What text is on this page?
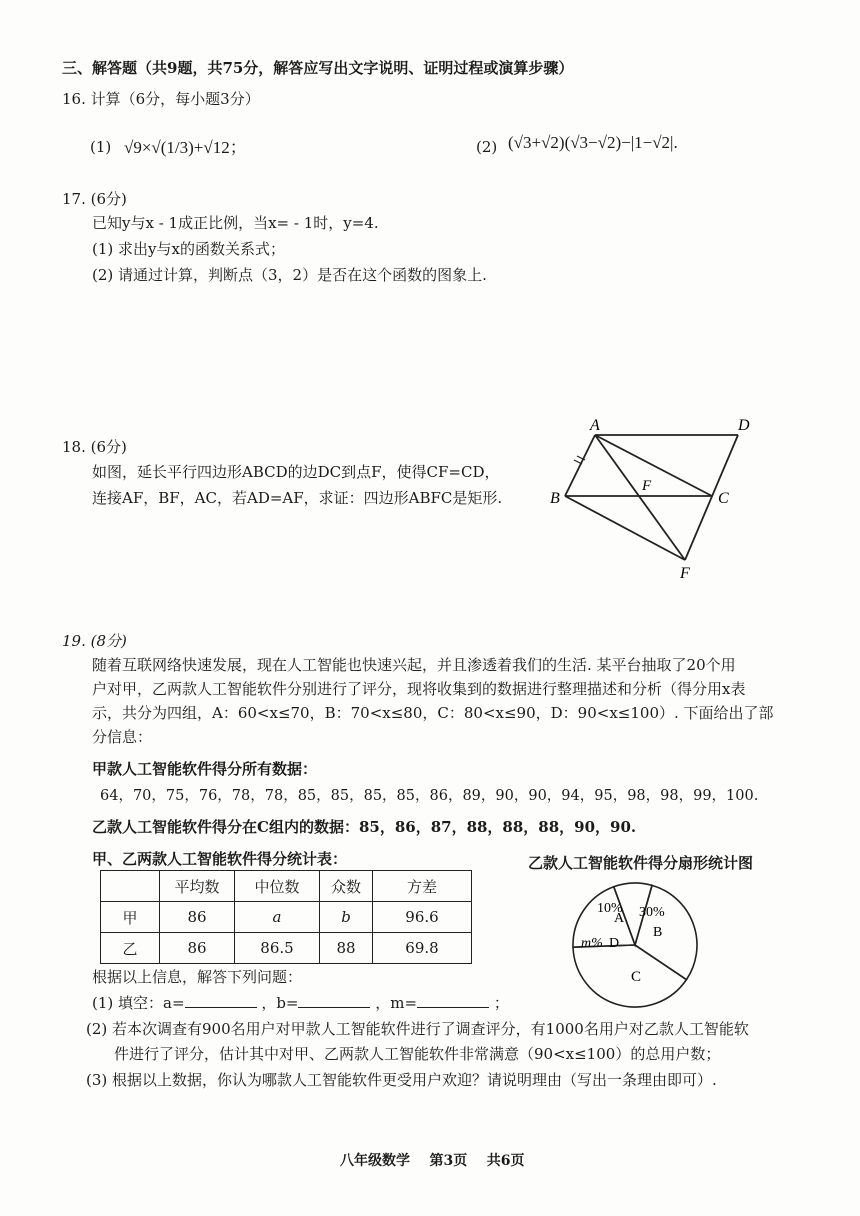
三、解答题（共9题，共75分，解答应写出文字说明、证明过程或演算步骤）
16. 计算（6分，每小题3分）
(1) √9×√(1/3)+√12；	(2) (√3+√2)(√3−√2)−|1−√2|.
17. (6分)
已知y与x - 1成正比例，当x= - 1时，y=4.
(1) 求出y与x的函数关系式；
(2) 请通过计算，判断点（3，2）是否在这个函数的图象上.
18. (6分)
如图，延长平行四边形ABCD的边DC到点F，使得CF=CD，
连接AF，BF，AC，若AD=AF，求证：四边形ABFC是矩形.
A	D
B	C
F
F
19. (8分)
随着互联网络快速发展，现在人工智能也快速兴起，并且渗透着我们的生活. 某平台抽取了20个用
户对甲，乙两款人工智能软件分别进行了评分，现将收集到的数据进行整理描述和分析（得分用x表
示，共分为四组，A：60<x≤70，B：70<x≤80，C：80<x≤90，D：90<x≤100）. 下面给出了部
分信息：
甲款人工智能软件得分所有数据：
64，70，75，76，78，78，85，85，85，85，86，89，90，90，94，95，98，98，99，100.
乙款人工智能软件得分在C组内的数据：85，86，87，88，88，88，90，90.
甲、乙两款人工智能软件得分统计表：
	平均数	中位数	众数	方差
甲	86	a	b	96.6
乙	86	86.5	88	69.8
乙款人工智能软件得分扇形统计图
10%
A 30%
B
m% D
C
根据以上信息，解答下列问题：
(1) 填空：a=	，b=	，m=	；
(2) 若本次调查有900名用户对甲款人工智能软件进行了调查评分，有1000名用户对乙款人工智能软
件进行了评分，估计其中对甲、乙两款人工智能软件非常满意（90<x≤100）的总用户数；
(3) 根据以上数据，你认为哪款人工智能软件更受用户欢迎？请说明理由（写出一条理由即可）.
八年级数学    第3页    共6页
